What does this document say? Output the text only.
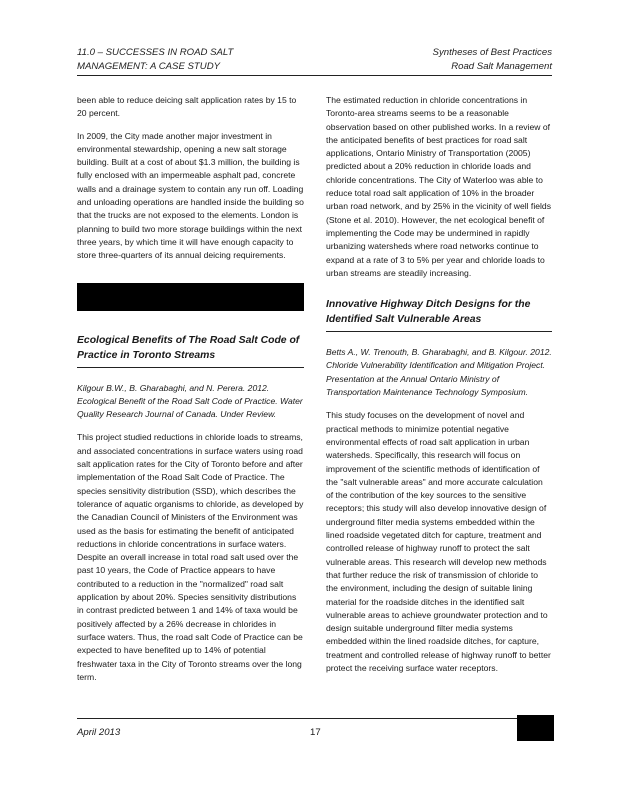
11.0 – SUCCESSES IN ROAD SALT
MANAGEMENT: A CASE STUDY
Syntheses of Best Practices
Road Salt Management

been able to reduce deicing salt application rates by 15 to 20 percent.

In 2009, the City made another major investment in environmental stewardship, opening a new salt storage building. Built at a cost of about $1.3 million, the building is fully enclosed with an impermeable asphalt pad, concrete walls and a drainage system to contain any run off. Loading and unloading operations are handled inside the building so that the trucks are not exposed to the elements. London is planning to build two more storage buildings within the next three years, by which time it will have enough capacity to store three-quarters of its annual deicing requirements.

Ecological Benefits of The Road Salt Code of Practice in Toronto Streams

Kilgour B.W., B. Gharabaghi, and N. Perera. 2012. Ecological Benefit of the Road Salt Code of Practice. Water Quality Research Journal of Canada. Under Review.

This project studied reductions in chloride loads to streams, and associated concentrations in surface waters using road salt application rates for the City of Toronto before and after implementation of the Road Salt Code of Practice. The species sensitivity distribution (SSD), which describes the tolerance of aquatic organisms to chloride, as developed by the Canadian Council of Ministers of the Environment was used as the basis for estimating the benefit of anticipated reductions in chloride concentrations in surface waters. Despite an overall increase in total road salt used over the past 10 years, the Code of Practice appears to have contributed to a reduction in the "normalized" road salt application by about 20%. Species sensitivity distributions in contrast predicted between 1 and 14% of taxa would be positively affected by a 26% decrease in chlorides in surface waters. Thus, the road salt Code of Practice can be expected to have benefited up to 14% of potential freshwater taxa in the City of Toronto streams over the long term.

The estimated reduction in chloride concentrations in Toronto-area streams seems to be a reasonable observation based on other published works. In a review of the anticipated benefits of best practices for road salt applications, Ontario Ministry of Transportation (2005) predicted about a 20% reduction in chloride loads and chloride concentrations. The City of Waterloo was able to reduce total road salt application of 10% in the broader urban road network, and by 25% in the vicinity of well fields (Stone et al. 2010). However, the net ecological benefit of implementing the Code may be undermined in rapidly urbanizing watersheds where road networks continue to expand at a rate of 3 to 5% per year and chloride loads to urban streams are steadily increasing.

Innovative Highway Ditch Designs for the Identified Salt Vulnerable Areas

Betts A., W. Trenouth, B. Gharabaghi, and B. Kilgour. 2012. Chloride Vulnerability Identification and Mitigation Project. Presentation at the Annual Ontario Ministry of Transportation Maintenance Technology Symposium.

This study focuses on the development of novel and practical methods to minimize potential negative environmental effects of road salt application in urban watersheds. Specifically, this research will focus on improvement of the scientific methods of identification of the "salt vulnerable areas" and more accurate calculation of the contribution of the key sources to the sensitive receptors; this study will also develop innovative design of underground filter media systems embedded within the lined roadside vegetated ditch for capture, treatment and controlled release of highway runoff to protect the salt vulnerable areas. This research will develop new methods that further reduce the risk of transmission of chloride to the environment, including the design of suitable lining material for the roadside ditches in the identified salt vulnerable areas to achieve groundwater protection and to design suitable underground filter media systems embedded within the lined roadside ditches, for capture, treatment and controlled release of highway runoff to better protect the receiving surface water receptors.

April 2013	17
